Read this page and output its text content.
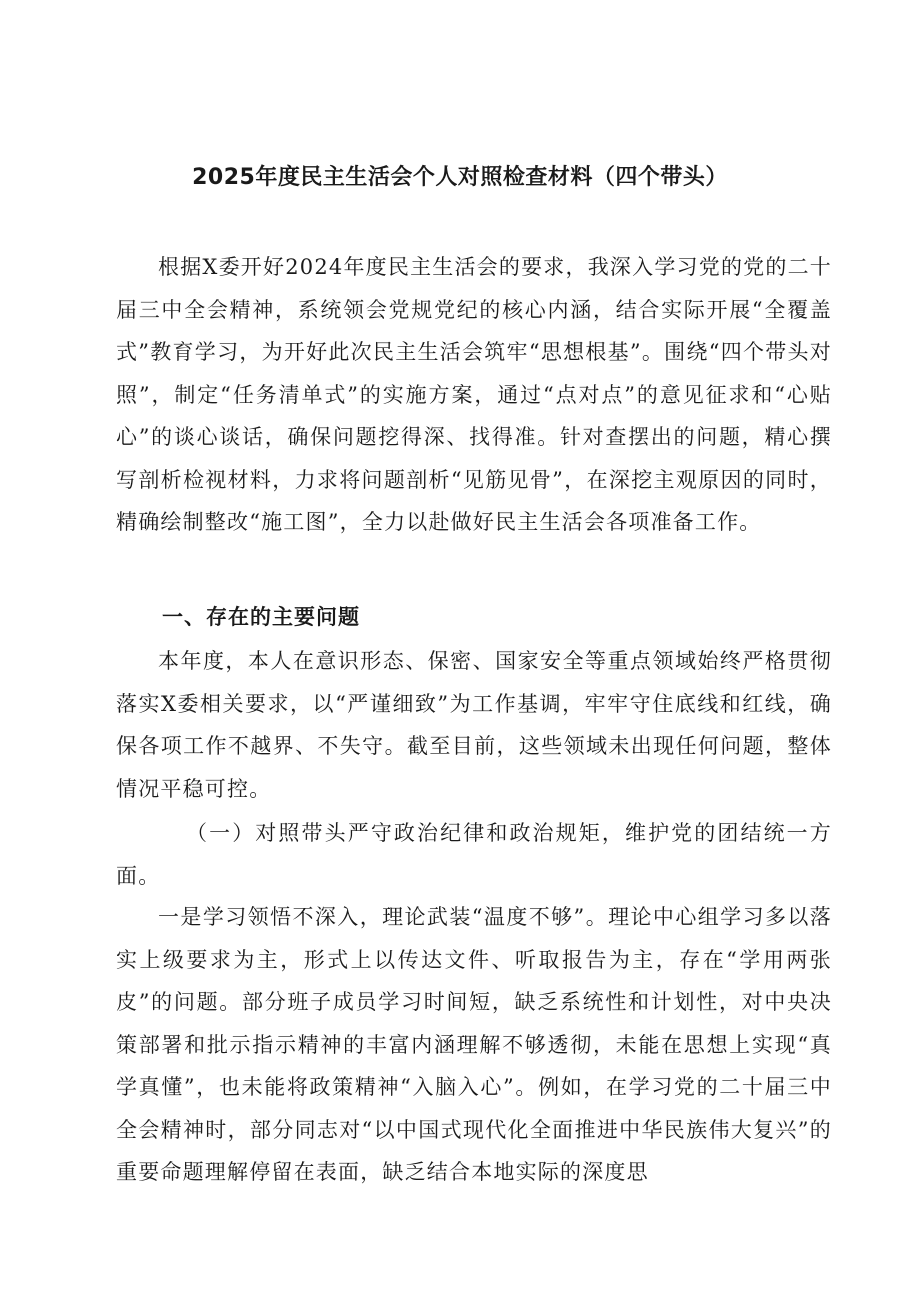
2025年度民主生活会个人对照检查材料（四个带头）

根据X委开好2024年度民主生活会的要求，我深入学习党的党的二十届三中全会精神，系统领会党规党纪的核心内涵，结合实际开展“全覆盖式”教育学习，为开好此次民主生活会筑牢“思想根基”。围绕“四个带头对照”，制定“任务清单式”的实施方案，通过“点对点”的意见征求和“心贴心”的谈心谈话，确保问题挖得深、找得准。针对查摆出的问题，精心撰写剖析检视材料，力求将问题剖析“见筋见骨”，在深挖主观原因的同时，精确绘制整改“施工图”，全力以赴做好民主生活会各项准备工作。

一、存在的主要问题

本年度，本人在意识形态、保密、国家安全等重点领域始终严格贯彻落实X委相关要求，以“严谨细致”为工作基调，牢牢守住底线和红线，确保各项工作不越界、不失守。截至目前，这些领域未出现任何问题，整体情况平稳可控。

（一）对照带头严守政治纪律和政治规矩，维护党的团结统一方面。

一是学习领悟不深入，理论武装“温度不够”。理论中心组学习多以落实上级要求为主，形式上以传达文件、听取报告为主，存在“学用两张皮”的问题。部分班子成员学习时间短，缺乏系统性和计划性，对中央决策部署和批示指示精神的丰富内涵理解不够透彻，未能在思想上实现“真学真懂”，也未能将政策精神“入脑入心”。例如，在学习党的二十届三中全会精神时，部分同志对“以中国式现代化全面推进中华民族伟大复兴”的重要命题理解停留在表面，缺乏结合本地实际的深度思
